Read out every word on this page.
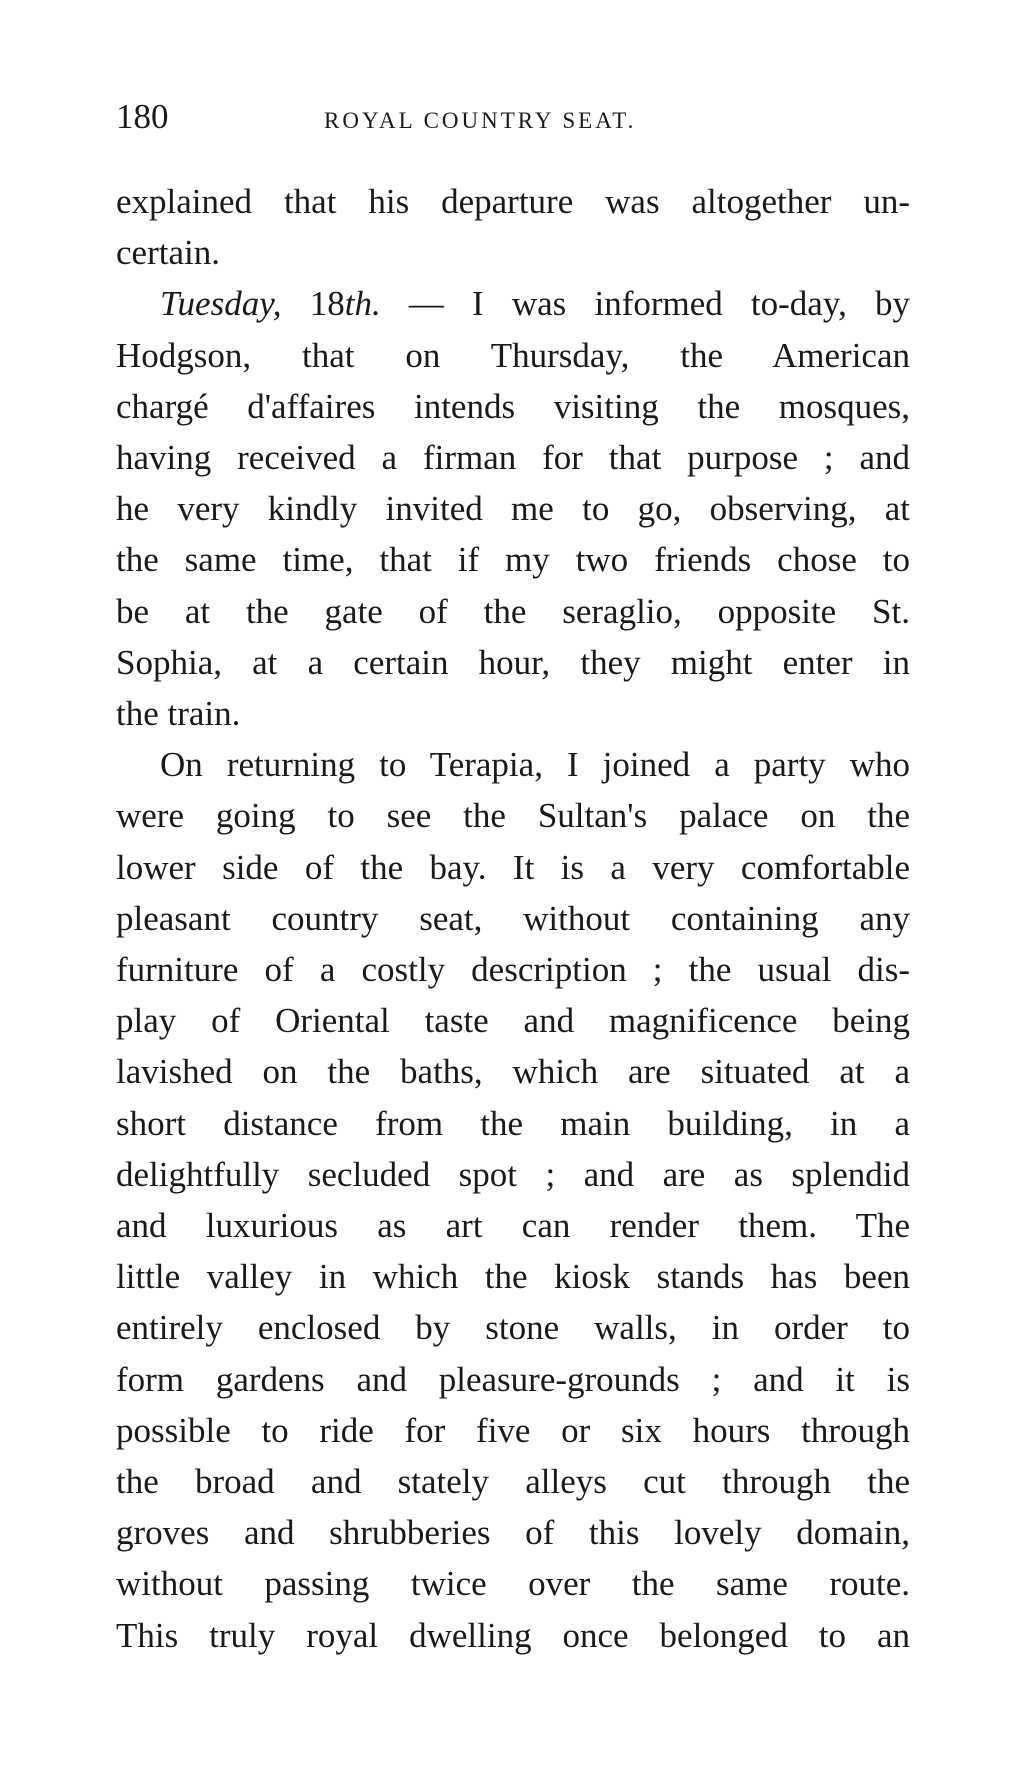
180	ROYAL COUNTRY SEAT.

explained that his departure was altogether un-
certain.

Tuesday, 18th. — I was informed to-day, by
Hodgson, that on Thursday, the American
chargé d'affaires intends visiting the mosques,
having received a firman for that purpose ; and
he very kindly invited me to go, observing, at
the same time, that if my two friends chose to
be at the gate of the seraglio, opposite St.
Sophia, at a certain hour, they might enter in
the train.

On returning to Terapia, I joined a party who
were going to see the Sultan's palace on the
lower side of the bay. It is a very comfortable
pleasant country seat, without containing any
furniture of a costly description ; the usual dis-
play of Oriental taste and magnificence being
lavished on the baths, which are situated at a
short distance from the main building, in a
delightfully secluded spot ; and are as splendid
and luxurious as art can render them. The
little valley in which the kiosk stands has been
entirely enclosed by stone walls, in order to
form gardens and pleasure-grounds ; and it is
possible to ride for five or six hours through
the broad and stately alleys cut through the
groves and shrubberies of this lovely domain,
without passing twice over the same route.
This truly royal dwelling once belonged to an
